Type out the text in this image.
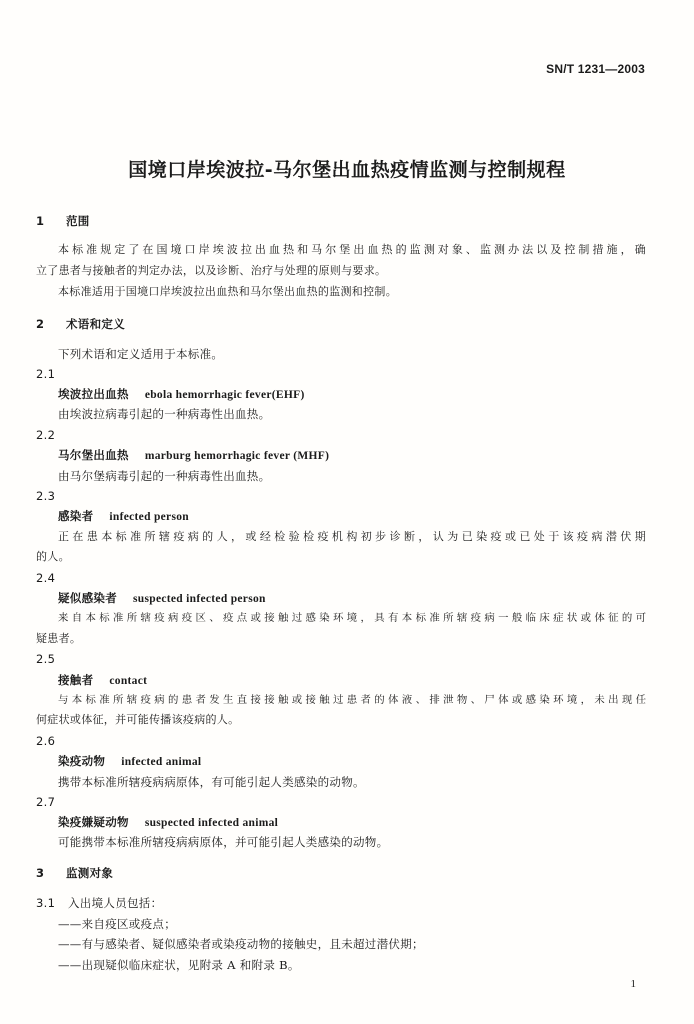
SN/T 1231—2003
国境口岸埃波拉-马尔堡出血热疫情监测与控制规程
1 范围
本标准规定了在国境口岸埃波拉出血热和马尔堡出血热的监测对象、监测办法以及控制措施，确
立了患者与接触者的判定办法，以及诊断、治疗与处理的原则与要求。
本标准适用于国境口岸埃波拉出血热和马尔堡出血热的监测和控制。
2 术语和定义
下列术语和定义适用于本标准。
2.1
埃波拉出血热 ebola hemorrhagic fever(EHF)
由埃波拉病毒引起的一种病毒性出血热。
2.2
马尔堡出血热 marburg hemorrhagic fever (MHF)
由马尔堡病毒引起的一种病毒性出血热。
2.3
感染者 infected person
正在患本标准所辖疫病的人，或经检验检疫机构初步诊断，认为已染疫或已处于该疫病潜伏期
的人。
2.4
疑似感染者 suspected infected person
来自本标准所辖疫病疫区、疫点或接触过感染环境，具有本标准所辖疫病一般临床症状或体征的可
疑患者。
2.5
接触者 contact
与本标准所辖疫病的患者发生直接接触或接触过患者的体液、排泄物、尸体或感染环境，未出现任
何症状或体征，并可能传播该疫病的人。
2.6
染疫动物 infected animal
携带本标准所辖疫病病原体，有可能引起人类感染的动物。
2.7
染疫嫌疑动物 suspected infected animal
可能携带本标准所辖疫病病原体，并可能引起人类感染的动物。
3 监测对象
3.1 入出境人员包括：
——来自疫区或疫点；
——有与感染者、疑似感染者或染疫动物的接触史，且未超过潜伏期；
——出现疑似临床症状，见附录 A 和附录 B。
1
